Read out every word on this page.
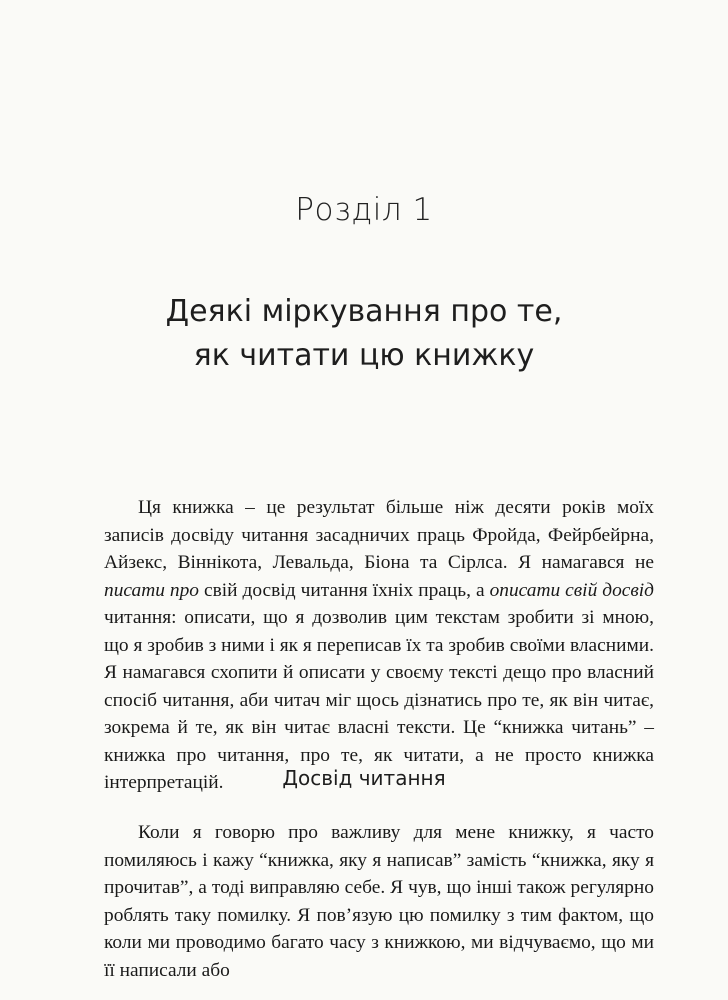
Розділ 1
Деякі міркування про те,
як читати цю книжку
Ця книжка – це результат більше ніж десяти років моїх записів досвіду читання засадничих праць Фройда, Фейрбейрна, Айзекс, Віннікота, Левальда, Біона та Сірлса. Я намагався не писати про свій досвід читання їхніх праць, а описати свій досвід читання: описати, що я дозволив цим текстам зробити зі мною, що я зробив з ними і як я переписав їх та зробив своїми власними. Я намагався схопити й описати у своєму тексті дещо про власний спосіб читання, аби читач міг щось дізнатись про те, як він читає, зокрема й те, як він читає власні тексти. Це “книжка читань” – книжка про читання, про те, як читати, а не просто книжка інтерпретацій.	Досвід читання
Коли я говорю про важливу для мене книжку, я часто помиляюсь і кажу “книжка, яку я написав” замість “книжка, яку я прочитав”, а тоді виправляю себе. Я чув, що інші також регулярно роблять таку помилку. Я пов’язую цю помилку з тим фактом, що коли ми проводимо багато часу з книжкою, ми відчуваємо, що ми її написали або
